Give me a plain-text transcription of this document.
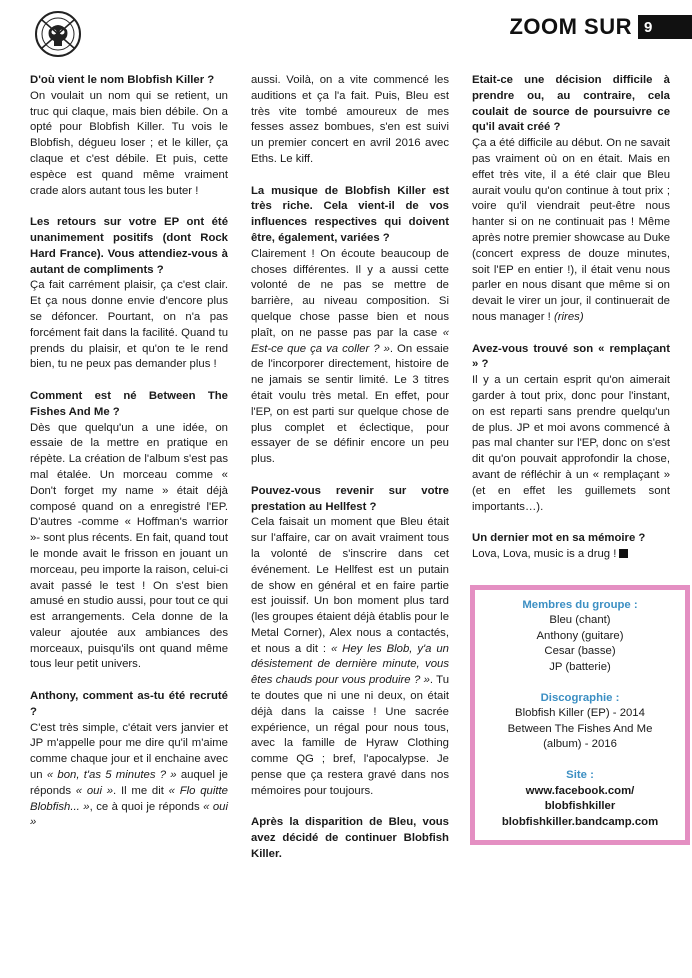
ZOOM SUR 9

D'où vient le nom Blobfish Killer ?
On voulait un nom qui se retient, un truc qui claque, mais bien débile. On a opté pour Blobfish Killer. Tu vois le Blobfish, dégueu loser ; et le killer, ça claque et c'est débile. Et puis, cette espèce est quand même vraiment crade alors autant tous les buter !

Les retours sur votre EP ont été unanimement positifs (dont Rock Hard France). Vous attendiez-vous à autant de compliments ?
Ça fait carrément plaisir, ça c'est clair. Et ça nous donne envie d'encore plus se défoncer. Pourtant, on n'a pas forcément fait dans la facilité. Quand tu prends du plaisir, et qu'on te le rend bien, tu ne peux pas demander plus !

Comment est né Between The Fishes And Me ?
Dès que quelqu'un a une idée, on essaie de la mettre en pratique en répète. La création de l'album s'est pas mal étalée. Un morceau comme « Don't forget my name » était déjà composé quand on a enregistré l'EP. D'autres -comme « Hoffman's warrior »- sont plus récents. En fait, quand tout le monde avait le frisson en jouant un morceau, peu importe la raison, celui-ci avait passé le test ! On s'est bien amusé en studio aussi, pour tout ce qui est arrangements. Cela donne de la valeur ajoutée aux ambiances des morceaux, puisqu'ils ont quand même tous leur petit univers.

Anthony, comment as-tu été recruté ?
C'est très simple, c'était vers janvier et JP m'appelle pour me dire qu'il m'aime comme chaque jour et il enchaine avec un « bon, t'as 5 minutes ? » auquel je réponds « oui ». Il me dit « Flo quitte Blobfish... », ce à quoi je réponds « oui »

aussi. Voilà, on a vite commencé les auditions et ça l'a fait. Puis, Bleu est très vite tombé amoureux de mes fesses assez bombues, s'en est suivi un premier concert en avril 2016 avec Eths. Le kiff.

La musique de Blobfish Killer est très riche. Cela vient-il de vos influences respectives qui doivent être, également, variées ?
Clairement ! On écoute beaucoup de choses différentes. Il y a aussi cette volonté de ne pas se mettre de barrière, au niveau composition. Si quelque chose passe bien et nous plaît, on ne passe pas par la case « Est-ce que ça va coller ? ». On essaie de l'incorporer directement, histoire de ne jamais se sentir limité. Le 3 titres était voulu très metal. En effet, pour l'EP, on est parti sur quelque chose de plus complet et éclectique, pour essayer de se définir encore un peu plus.

Pouvez-vous revenir sur votre prestation au Hellfest ?
Cela faisait un moment que Bleu était sur l'affaire, car on avait vraiment tous la volonté de s'inscrire dans cet événement. Le Hellfest est un putain de show en général et en faire partie est jouissif. Un bon moment plus tard (les groupes étaient déjà établis pour le Metal Corner), Alex nous a contactés, et nous a dit : « Hey les Blob, y'a un désistement de dernière minute, vous êtes chauds pour vous produire ? ». Tu te doutes que ni une ni deux, on était déjà dans la caisse ! Une sacrée expérience, un régal pour nous tous, avec la famille de Hyraw Clothing comme QG ; bref, l'apocalypse. Je pense que ça restera gravé dans nos mémoires pour toujours.

Après la disparition de Bleu, vous avez décidé de continuer Blobfish Killer.

Etait-ce une décision difficile à prendre ou, au contraire, cela coulait de source de poursuivre ce qu'il avait créé ?
Ça a été difficile au début. On ne savait pas vraiment où on en était. Mais en effet très vite, il a été clair que Bleu aurait voulu qu'on continue à tout prix ; voire qu'il viendrait peut-être nous hanter si on ne continuait pas ! Même après notre premier showcase au Duke (concert express de douze minutes, soit l'EP en entier !), il était venu nous parler en nous disant que même si on devait le virer un jour, il continuerait de nous manager ! (rires)

Avez-vous trouvé son « remplaçant » ?
Il y a un certain esprit qu'on aimerait garder à tout prix, donc pour l'instant, on est reparti sans prendre quelqu'un de plus. JP et moi avons commencé à pas mal chanter sur l'EP, donc on s'est dit qu'on pouvait approfondir la chose, avant de réfléchir à un « remplaçant » (et en effet les guillemets sont importants…).

Un dernier mot en sa mémoire ?
Lova, Lova, music is a drug !

Membres du groupe :
Bleu (chant)
Anthony (guitare)
Cesar (basse)
JP (batterie)
Discographie :
Blobfish Killer (EP) - 2014
Between The Fishes And Me
(album) - 2016
Site :
www.facebook.com/
blobfishkiller
blobfishkiller.bandcamp.com
